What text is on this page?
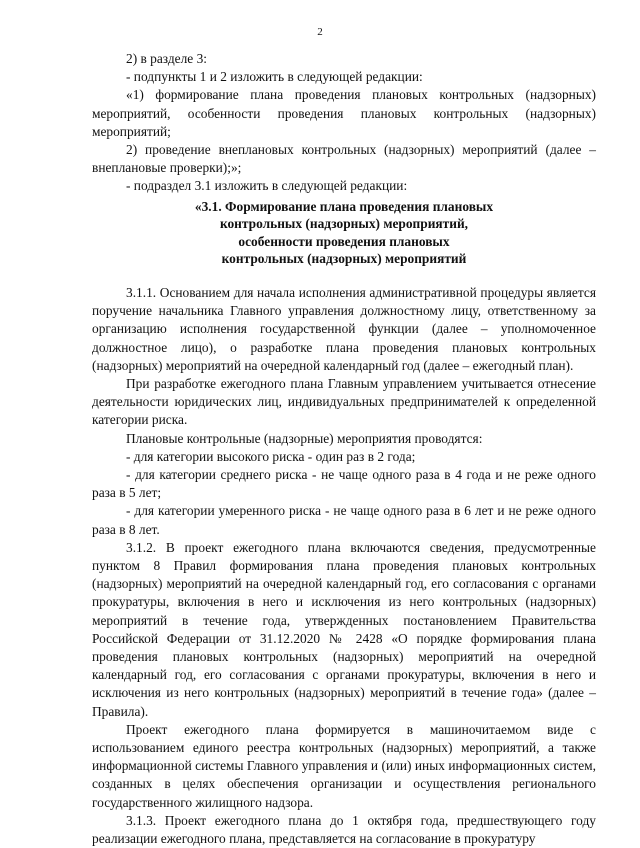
2

2) в разделе 3:

- подпункты 1 и 2 изложить в следующей редакции:

«1) формирование плана проведения плановых контрольных (надзорных) мероприятий, особенности проведения плановых контрольных (надзорных) мероприятий;

2) проведение внеплановых контрольных (надзорных) мероприятий (далее – внеплановые проверки);»;

- подраздел 3.1 изложить в следующей редакции:

«3.1. Формирование плана проведения плановых
контрольных (надзорных) мероприятий,
особенности проведения плановых
контрольных (надзорных) мероприятий

3.1.1. Основанием для начала исполнения административной процедуры является поручение начальника Главного управления должностному лицу, ответственному за организацию исполнения государственной функции (далее – уполномоченное должностное лицо), о разработке плана проведения плановых контрольных (надзорных) мероприятий на очередной календарный год (далее – ежегодный план).

При разработке ежегодного плана Главным управлением учитывается отнесение деятельности юридических лиц, индивидуальных предпринимателей к определенной категории риска.

Плановые контрольные (надзорные) мероприятия проводятся:

- для категории высокого риска - один раз в 2 года;

- для категории среднего риска - не чаще одного раза в 4 года и не реже одного раза в 5 лет;

- для категории умеренного риска - не чаще одного раза в 6 лет и не реже одного раза в 8 лет.

3.1.2. В проект ежегодного плана включаются сведения, предусмотренные пунктом 8 Правил формирования плана проведения плановых контрольных (надзорных) мероприятий на очередной календарный год, его согласования с органами прокуратуры, включения в него и исключения из него контрольных (надзорных) мероприятий в течение года, утвержденных постановлением Правительства Российской Федерации от 31.12.2020 № 2428 «О порядке формирования плана проведения плановых контрольных (надзорных) мероприятий на очередной календарный год, его согласования с органами прокуратуры, включения в него и исключения из него контрольных (надзорных) мероприятий в течение года» (далее – Правила).

Проект ежегодного плана формируется в машиночитаемом виде с использованием единого реестра контрольных (надзорных) мероприятий, а также информационной системы Главного управления и (или) иных информационных систем, созданных в целях обеспечения организации и осуществления регионального государственного жилищного надзора.

3.1.3. Проект ежегодного плана до 1 октября года, предшествующего году реализации ежегодного плана, представляется на согласование в прокуратуру
